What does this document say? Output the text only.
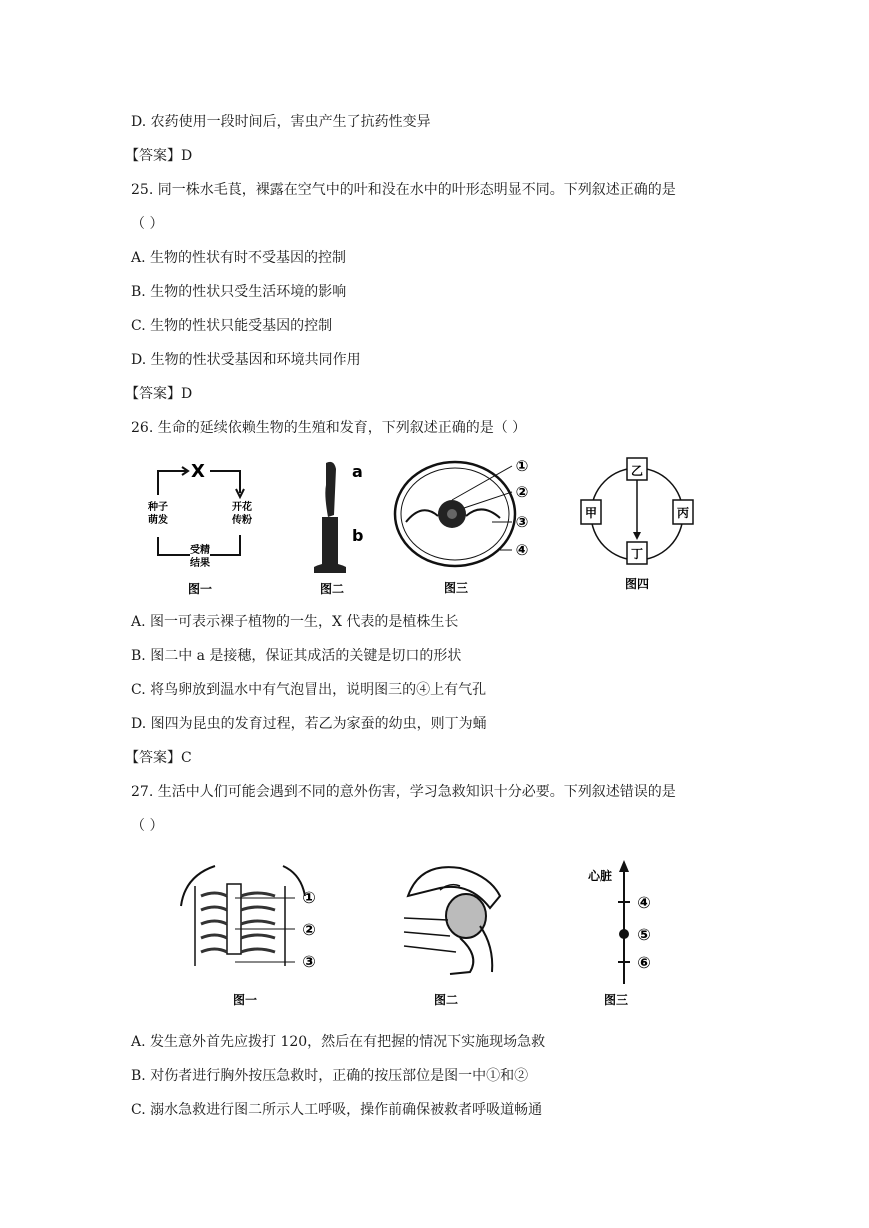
D. 农药使用一段时间后，害虫产生了抗药性变异
【答案】D
25. 同一株水毛茛，裸露在空气中的叶和没在水中的叶形态明显不同。下列叙述正确的是
（ ）
A. 生物的性状有时不受基因的控制
B. 生物的性状只受生活环境的影响
C. 生物的性状只能受基因的控制
D. 生物的性状受基因和环境共同作用
【答案】D
26. 生命的延续依赖生物的生殖和发育，下列叙述正确的是（ ）
X
种子
萌发
开花
传粉
受精
结果
图一
a
b
图二
①
②
③
④
图三
乙
甲	丙
丁
图四
A. 图一可表示裸子植物的一生，X 代表的是植株生长
B. 图二中 a 是接穗，保证其成活的关键是切口的形状
C. 将鸟卵放到温水中有气泡冒出，说明图三的④上有气孔
D. 图四为昆虫的发育过程，若乙为家蚕的幼虫，则丁为蛹
【答案】C
27. 生活中人们可能会遇到不同的意外伤害，学习急救知识十分必要。下列叙述错误的是
（ ）
①
②
③
图一	图二
心脏
④
⑤
⑥
图三
A. 发生意外首先应拨打 120，然后在有把握的情况下实施现场急救
B. 对伤者进行胸外按压急救时，正确的按压部位是图一中①和②
C. 溺水急救进行图二所示人工呼吸，操作前确保被救者呼吸道畅通
